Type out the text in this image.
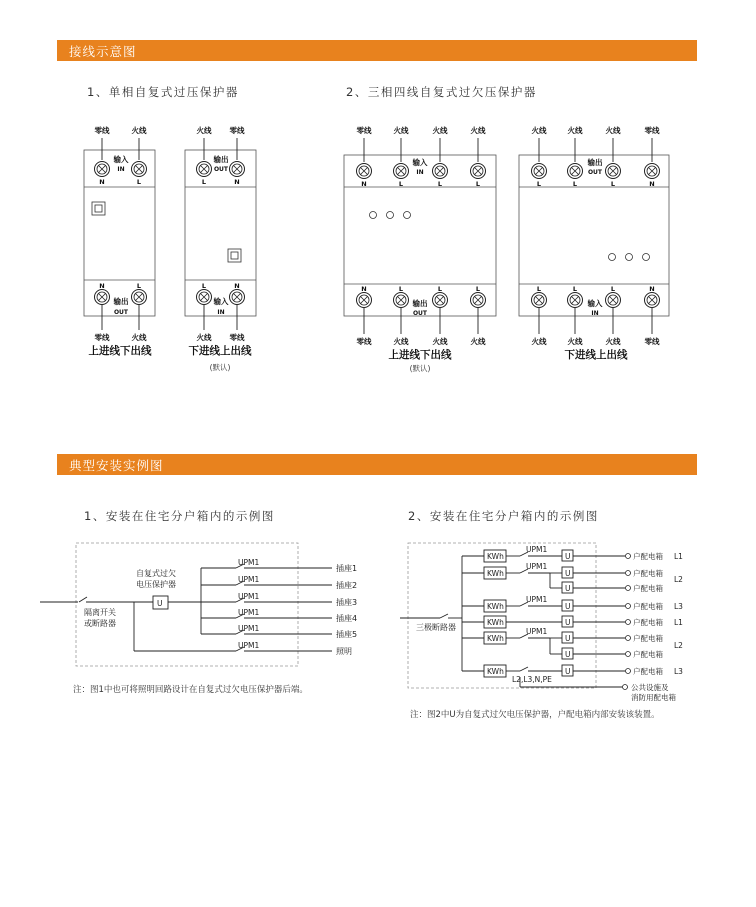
接线示意图
典型安装实例图
1、单相自复式过压保护器	2、三相四线自复式过欠压保护器
1、安装在住宅分户箱内的示例图	2、安装在住宅分户箱内的示例图
零线	火线
输入
IN
N	L
N	L
输出
OUT
零线	火线
火线 零线
输出
OUT
L	N
L	N
输入
IN
火线 零线
零线	火线	火线	火线
输入
IN
N	L	L	L
N	L	L	L
输出
OUT
零线	火线	火线	火线
火线	火线	火线	零线
输出
OUT
L	L	L	N
L	L	L	N
输入
IN
火线	火线	火线	零线
上进线下出线	下进线上出线	上进线下出线	下进线上出线
(默认)	(默认)
自复式过欠
电压保护器
U
隔离开关
或断路器
UPM1
UPM1
UPM1
UPM1
UPM1
UPM1
插座1
插座2
插座3
插座4
插座5
照明
注：图1中也可将照明回路设计在自复式过欠电压保护器后端。
三极断路器
KWh
KWh
KWh
KWh
KWh
KWh
UPM1
UPM1
UPM1
UPM1
U
U
U
U
U
U
U
U
L2,L3,N,PE
户配电箱
户配电箱
户配电箱
户配电箱
户配电箱
户配电箱
户配电箱
户配电箱
公共设施及
消防用配电箱
L1
L2
L3
L1
L2
L3
注：图2中U为自复式过欠电压保护器，户配电箱内部安装该装置。
